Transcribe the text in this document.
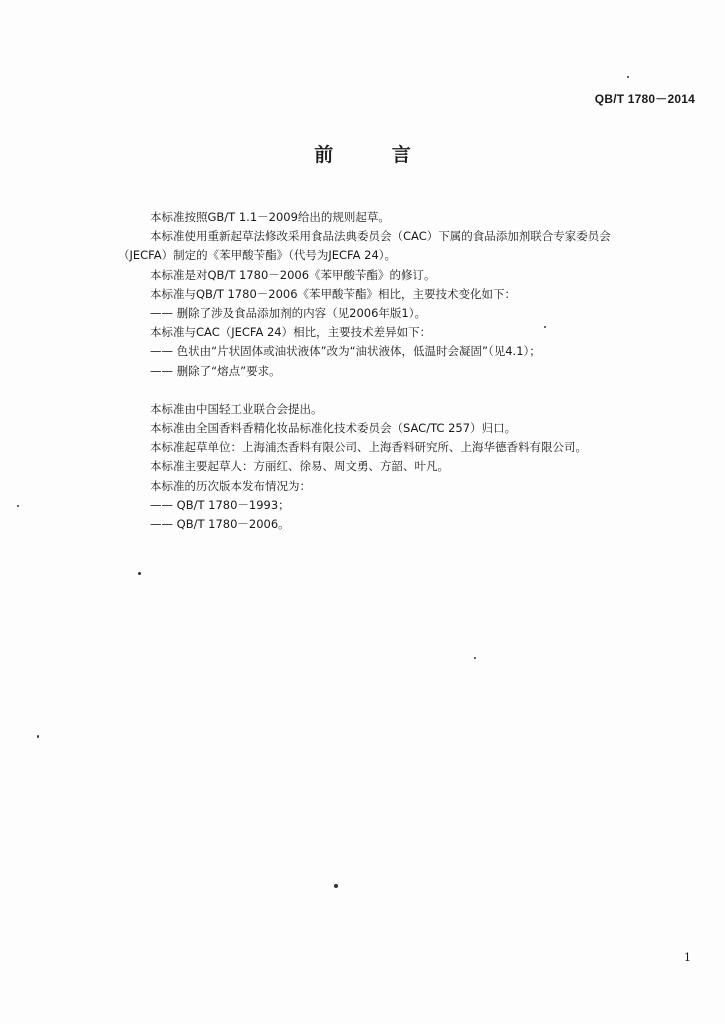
QB/T 1780－2014
前 言

本标准按照GB/T 1.1－2009给出的规则起草。

本标准使用重新起草法修改采用食品法典委员会（CAC）下属的食品添加剂联合专家委员会

（JECFA）制定的《苯甲酸苄酯》（代号为JECFA 24）。

本标准是对QB/T 1780－2006《苯甲酸苄酯》的修订。

本标准与QB/T 1780－2006《苯甲酸苄酯》相比，主要技术变化如下：

—— 删除了涉及食品添加剂的内容（见2006年版1）。

本标准与CAC（JECFA 24）相比，主要技术差异如下：

—— 色状由“片状固体或油状液体”改为“油状液体，低温时会凝固”（见4.1）；

—— 删除了“熔点”要求。

本标准由中国轻工业联合会提出。

本标准由全国香料香精化妆品标准化技术委员会（SAC/TC 257）归口。

本标准起草单位：上海浦杰香料有限公司、上海香料研究所、上海华德香料有限公司。

本标准主要起草人：方丽红、徐易、周文勇、方韶、叶凡。

本标准的历次版本发布情况为：

—— QB/T 1780－1993；

—— QB/T 1780－2006。

1
